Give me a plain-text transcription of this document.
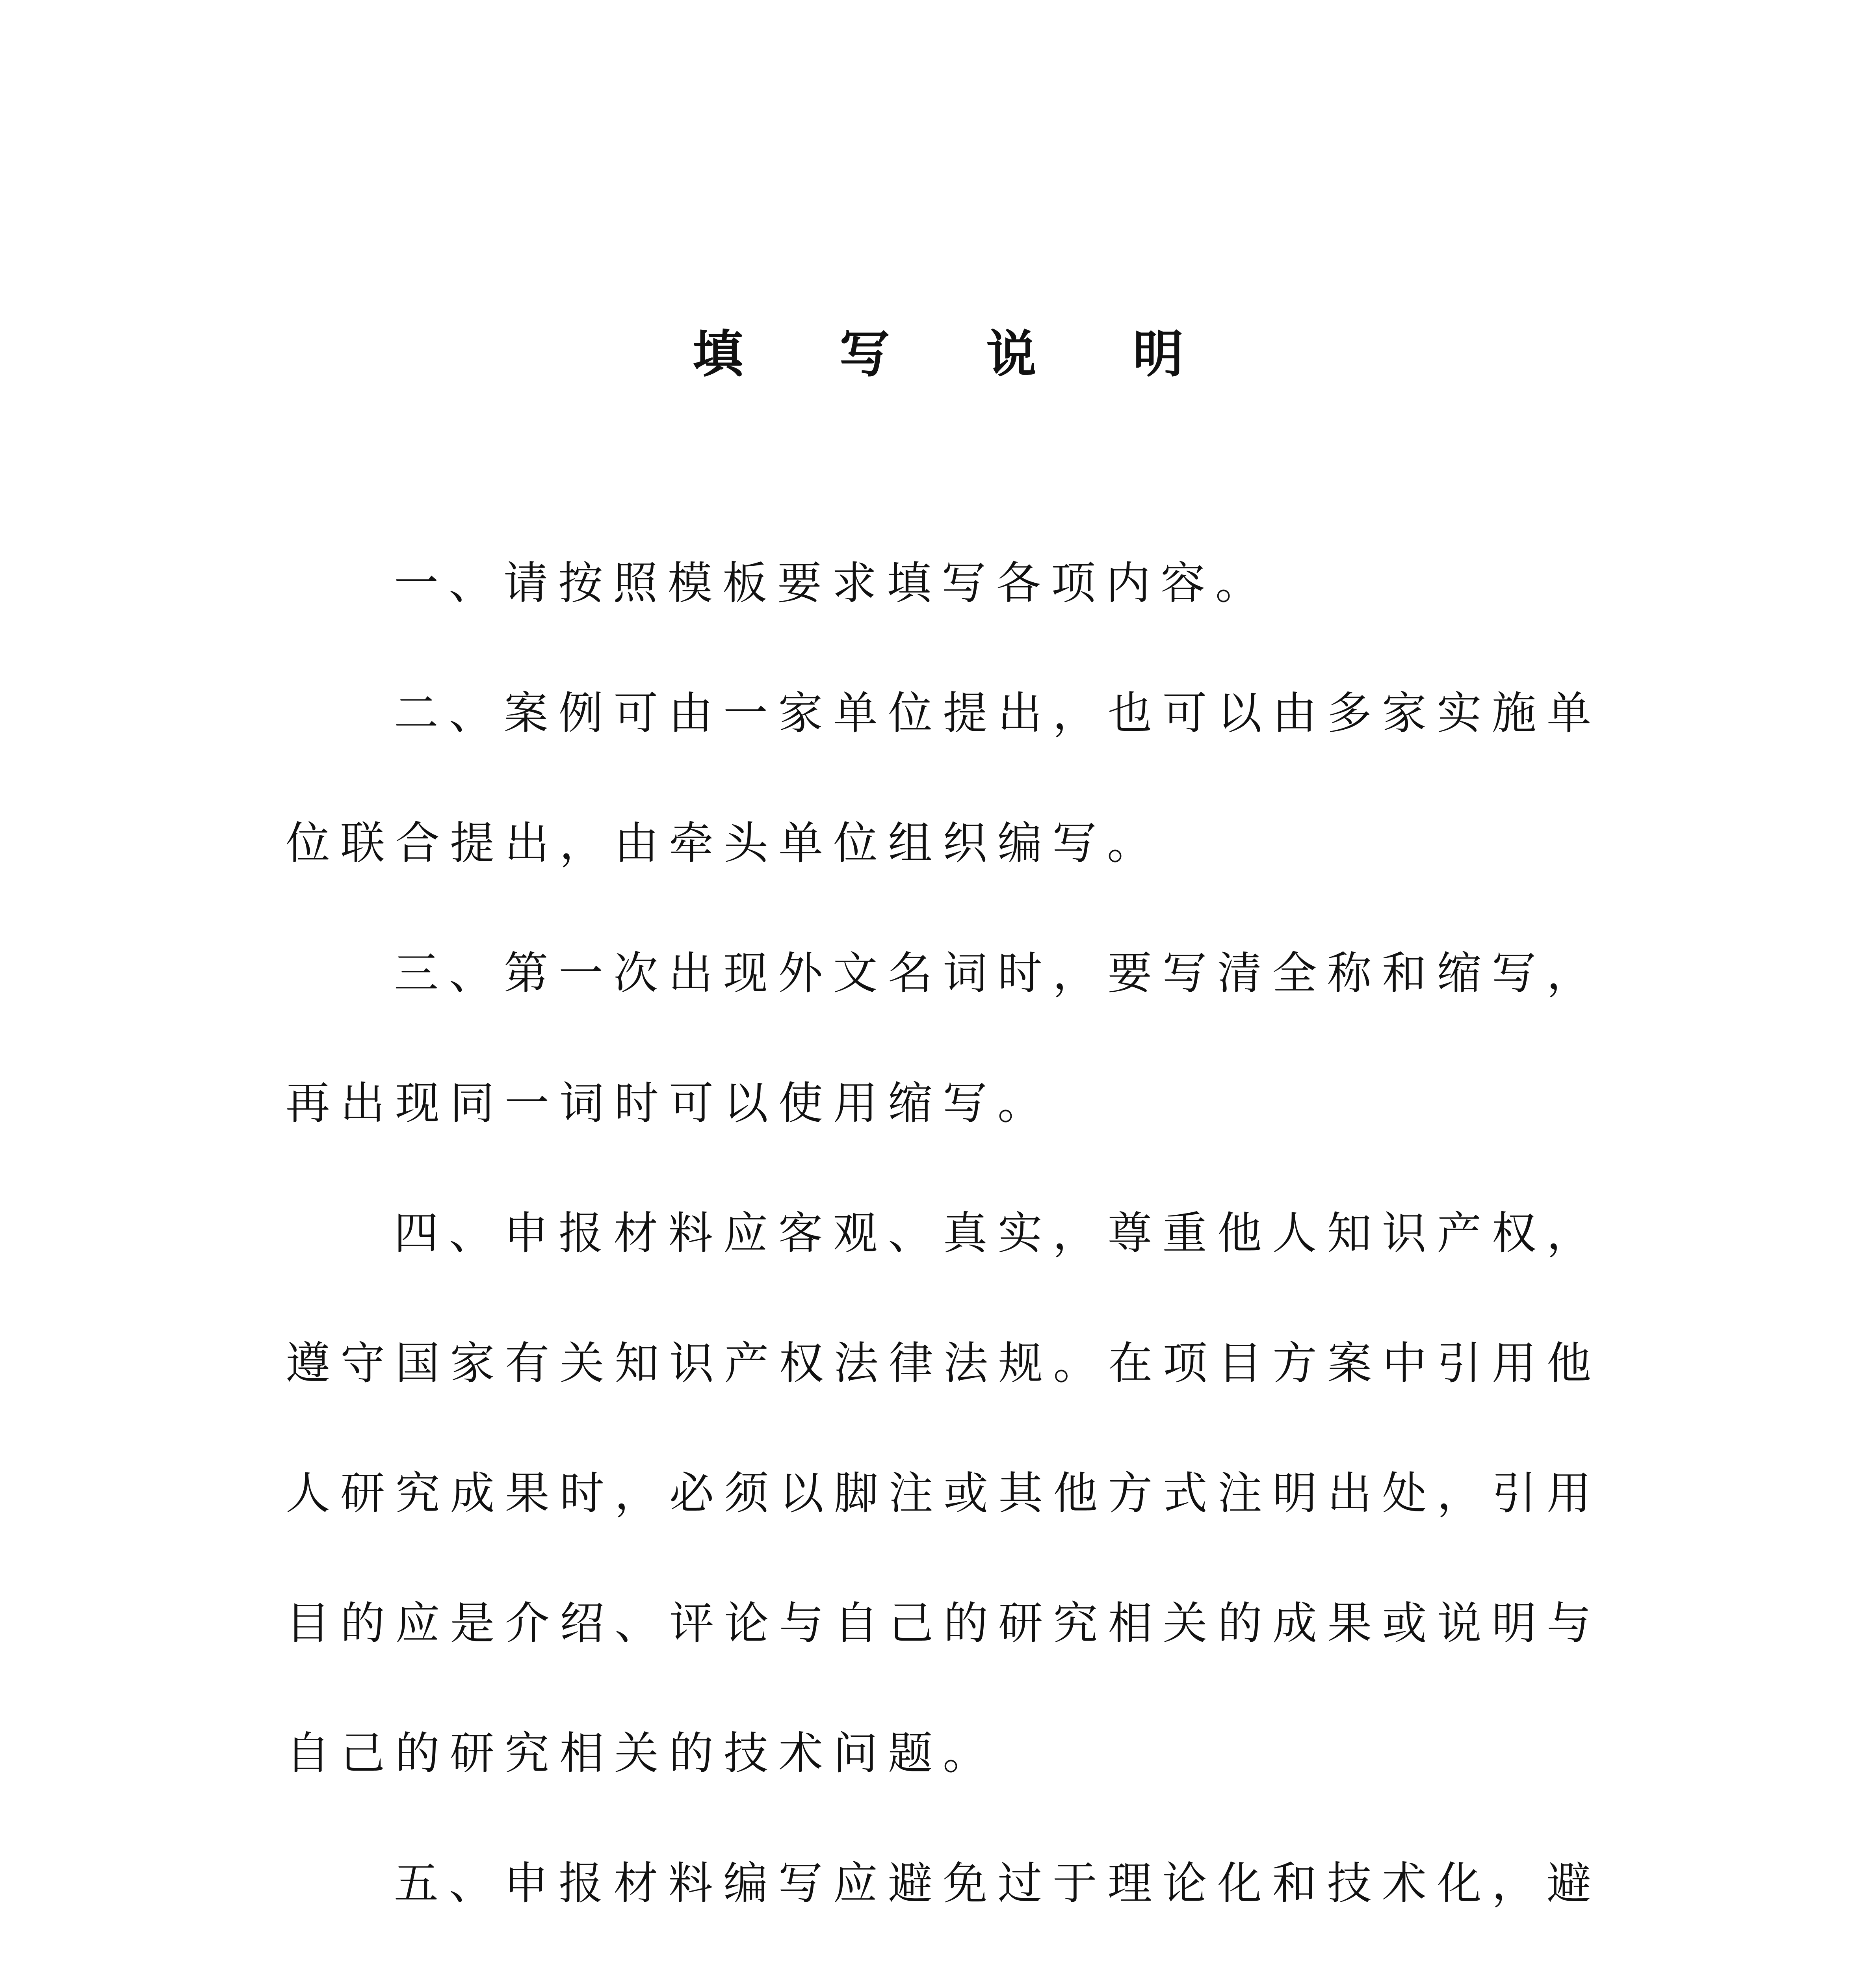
填 写 说 明

一、请按照模板要求填写各项内容。

二、案例可由一家单位提出，也可以由多家实施单位联合提出，由牵头单位组织编写。

三、第一次出现外文名词时，要写清全称和缩写，再出现同一词时可以使用缩写。

四、申报材料应客观、真实，尊重他人知识产权，遵守国家有关知识产权法律法规。在项目方案中引用他人研究成果时，必须以脚注或其他方式注明出处，引用目的应是介绍、评论与自己的研究相关的成果或说明与自己的研究相关的技术问题。

五、申报材料编写应避免过于理论化和技术化，避
